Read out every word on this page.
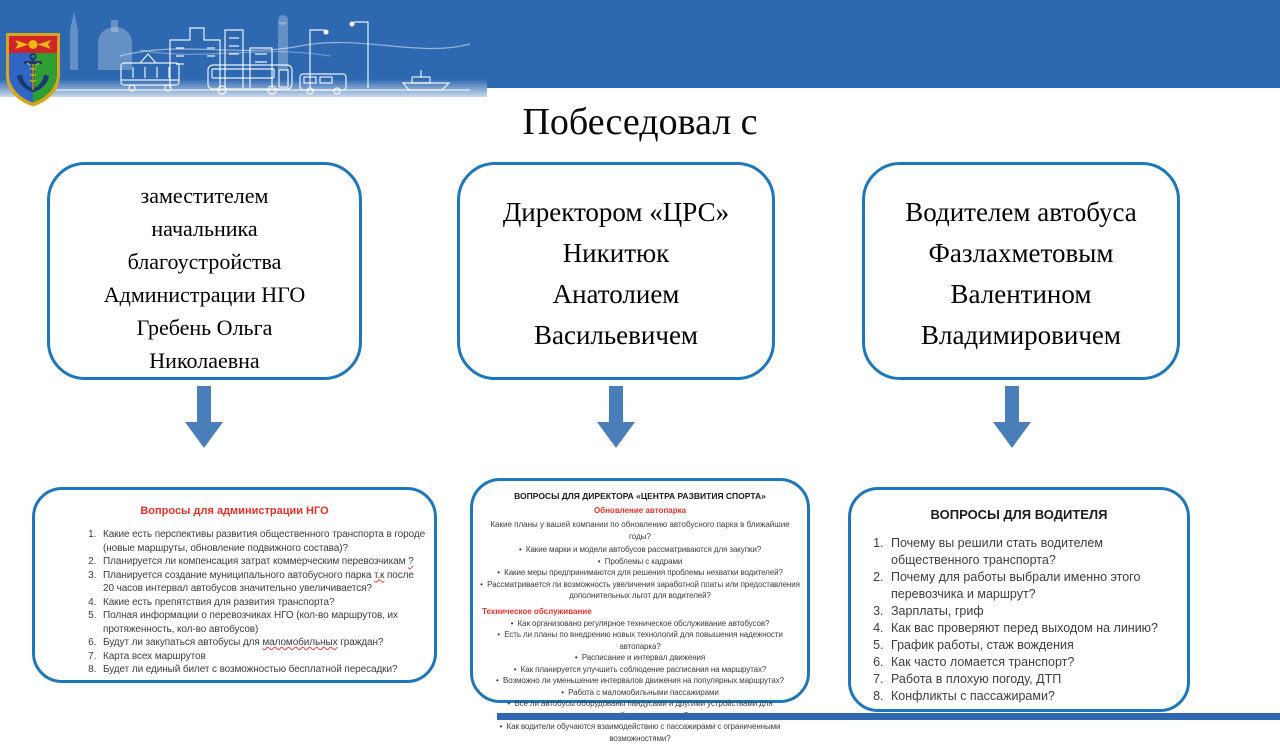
Побеседовал с
заместителем
начальника
благоустройства
Администрации НГО
Гребень Ольга
Николаевна
Директором «ЦРС»
Никитюк
Анатолием
Васильевичем
Водителем автобуса
Фазлахметовым
Валентином
Владимировичем
Вопросы для администрации НГО
1. Какие есть перспективы развития общественного транспорта в городе (новые маршруты, обновление подвижного состава)?
2. Планируется ли компенсация затрат коммерческим перевозчикам ?
3. Планируется создание муниципального автобусного парка т.к после 20 часов интервал автобусов значительно увеличивается?
4. Какие есть препятствия для развития транспорта?
5. Полная информации о перевозчиках НГО (кол-во маршрутов, их протяженность, кол-во автобусов)
6. Будут ли закупаться автобусы для маломобильных граждан?
7. Карта всех маршрутов
8. Будет ли единый билет с возможностью бесплатной пересадки?
ВОПРОСЫ ДЛЯ ДИРЕКТОРА «ЦЕНТРА РАЗВИТИЯ СПОРТА»
Обновление автопарка
Какие планы у вашей компании по обновлению автобусного парка в ближайшие годы?
•  Какие марки и модели автобусов рассматриваются для закупки?
•  Проблемы с кадрами
•  Какие меры предпринимаются для решения проблемы нехватки водителей?
•  Рассматривается ли возможность увеличения заработной платы или предоставления дополнительных льгот для водителей?
Техническое обслуживание
•  Как организовано регулярное техническое обслуживание автобусов?
•  Есть ли планы по внедрению новых технологий для повышения надежности автопарка?
•  Расписание и интервал движения
•  Как планируется улучшить соблюдение расписания на маршрутах?
•  Возможно ли уменьшение интервалов движения на популярных маршрутах?
•  Работа с маломобильными пассажирами
•  Все ли автобусы оборудованы пандусами и другими устройствами для
•  Как водители обучаются взаимодействию с пассажирами с ограниченными возможностями?
ВОПРОСЫ ДЛЯ ВОДИТЕЛЯ
1. Почему вы решили стать водителем общественного транспорта?
2. Почему для работы выбрали именно этого перевозчика и маршрут?
3. Зарплаты, гриф
4. Как вас проверяют перед выходом на линию?
5. График работы, стаж вождения
6. Как часто ломается транспорт?
7. Работа в плохую погоду, ДТП
8. Конфликты с пассажирами?
